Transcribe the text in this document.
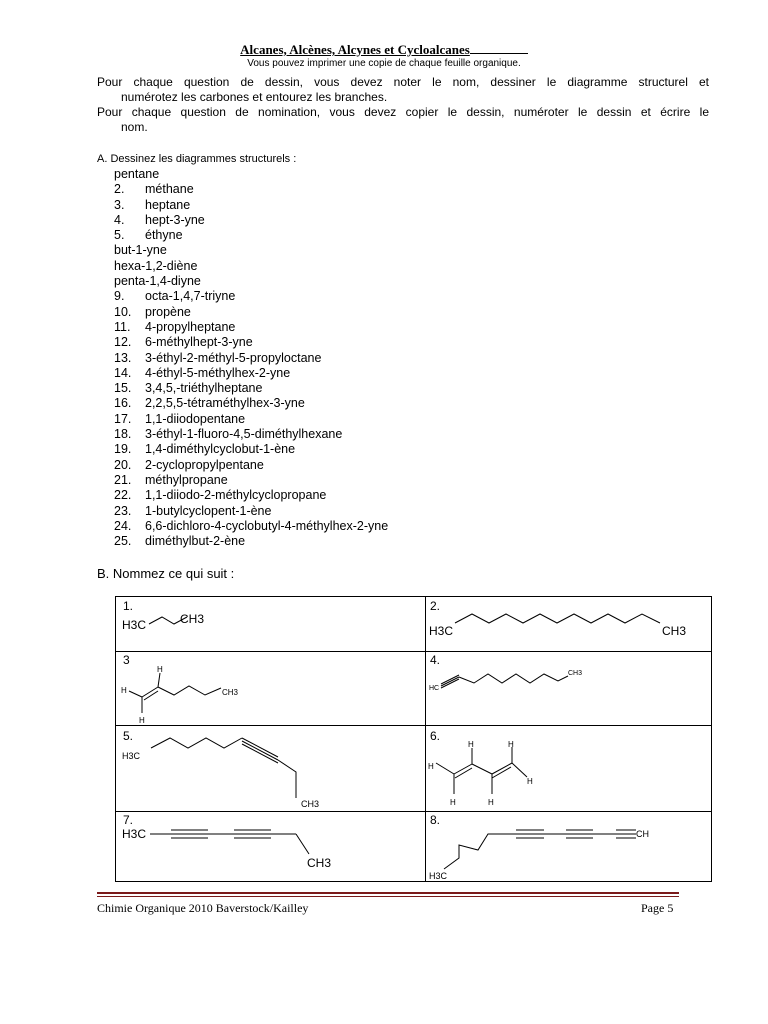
Alcanes, Alcènes, Alcynes et Cycloalcanes
Vous pouvez imprimer une copie de chaque feuille organique.
Pour chaque question de dessin, vous devez noter le nom, dessiner le diagramme structurel et
numérotez les carbones et entourez les branches.
Pour chaque question de nomination, vous devez copier le dessin, numéroter le dessin et écrire le
nom.
A. Dessinez les diagrammes structurels :
pentane
2. méthane
3. heptane
4. hept-3-yne
5. éthyne
but-1-yne
hexa-1,2-diène
penta-1,4-diyne
9. octa-1,4,7-triyne
10. propène
11. 4-propylheptane
12. 6-méthylhept-3-yne
13. 3-éthyl-2-méthyl-5-propyloctane
14. 4-éthyl-5-méthylhex-2-yne
15. 3,4,5,-triéthylheptane
16. 2,2,5,5-tétraméthylhex-3-yne
17. 1,1-diiodopentane
18. 3-éthyl-1-fluoro-4,5-diméthylhexane
19. 1,4-diméthylcyclobut-1-ène
20. 2-cyclopropylpentane
21. méthylpropane
22. 1,1-diiodo-2-méthylcyclopropane
23. 1-butylcyclopent-1-ène
24. 6,6-dichloro-4-cyclobutyl-4-méthylhex-2-yne
25. diméthylbut-2-ène
B. Nommez ce qui suit :
1.	2.
3	4.
5.	6.
7.	8.
H3C	CH3
H3C	CH3
H3C
CH3
H3C
CH3
H3C
CH
H
H
H
CH3	HC
CH3
H	H
H
H
H	H
Chimie Organique 2010 Baverstock/Kailley	Page 5
